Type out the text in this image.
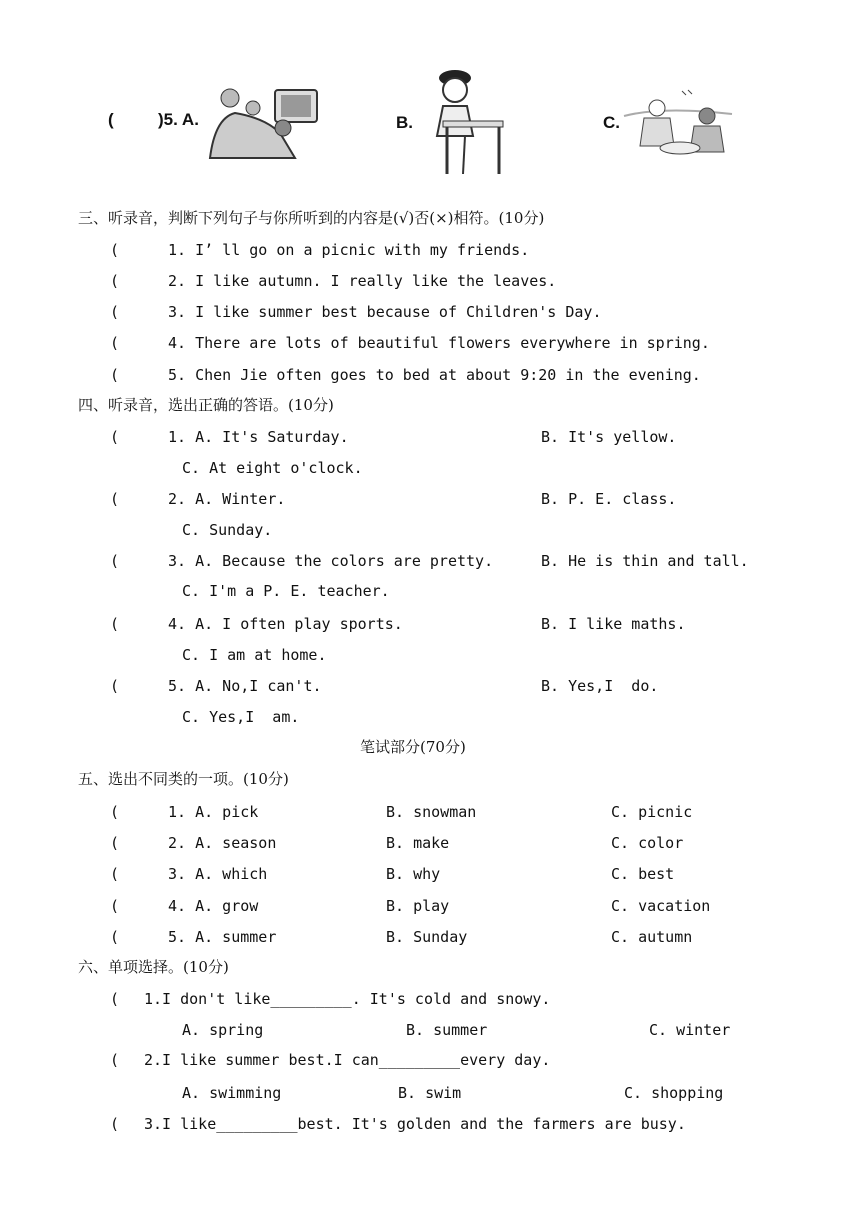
(	)5. A.	B.	C.
三、听录音，判断下列句子与你所听到的内容是(√)否(×)相符。(10分)
(	1. I’ ll go on a picnic with my friends.
(	2. I like autumn. I really like the leaves.
(	3. I like summer best because of Children's Day.
(	4. There are lots of beautiful flowers everywhere in spring.
(	5. Chen Jie often goes to bed at about 9:20 in the evening.
四、听录音，选出正确的答语。(10分)
(	1. A. It's Saturday.	B. It's yellow.
C. At eight o'clock.
(	2. A. Winter.	B. P. E. class.
C. Sunday.
(	3. A. Because the colors are pretty.	B. He is thin and tall.
C. I'm a P. E. teacher.
(	4. A. I often play sports.	B. I like maths.
C. I am at home.
(	5. A. No,I can't.	B. Yes,I  do.
C. Yes,I  am.
笔试部分(70分)
五、选出不同类的一项。(10分)
(	1. A. pick	B. snowman	C. picnic
(	2. A. season	B. make	C. color
(	3. A. which	B. why	C. best
(	4. A. grow	B. play	C. vacation
(	5. A. summer	B. Sunday	C. autumn
六、单项选择。(10分)
( 1.I don't like_________. It's cold and snowy.
A. spring	B. summer	C. winter
( 2.I like summer best.I can_________every day.
A. swimming	B. swim	C. shopping
( 3.I like_________best. It's golden and the farmers are busy.
